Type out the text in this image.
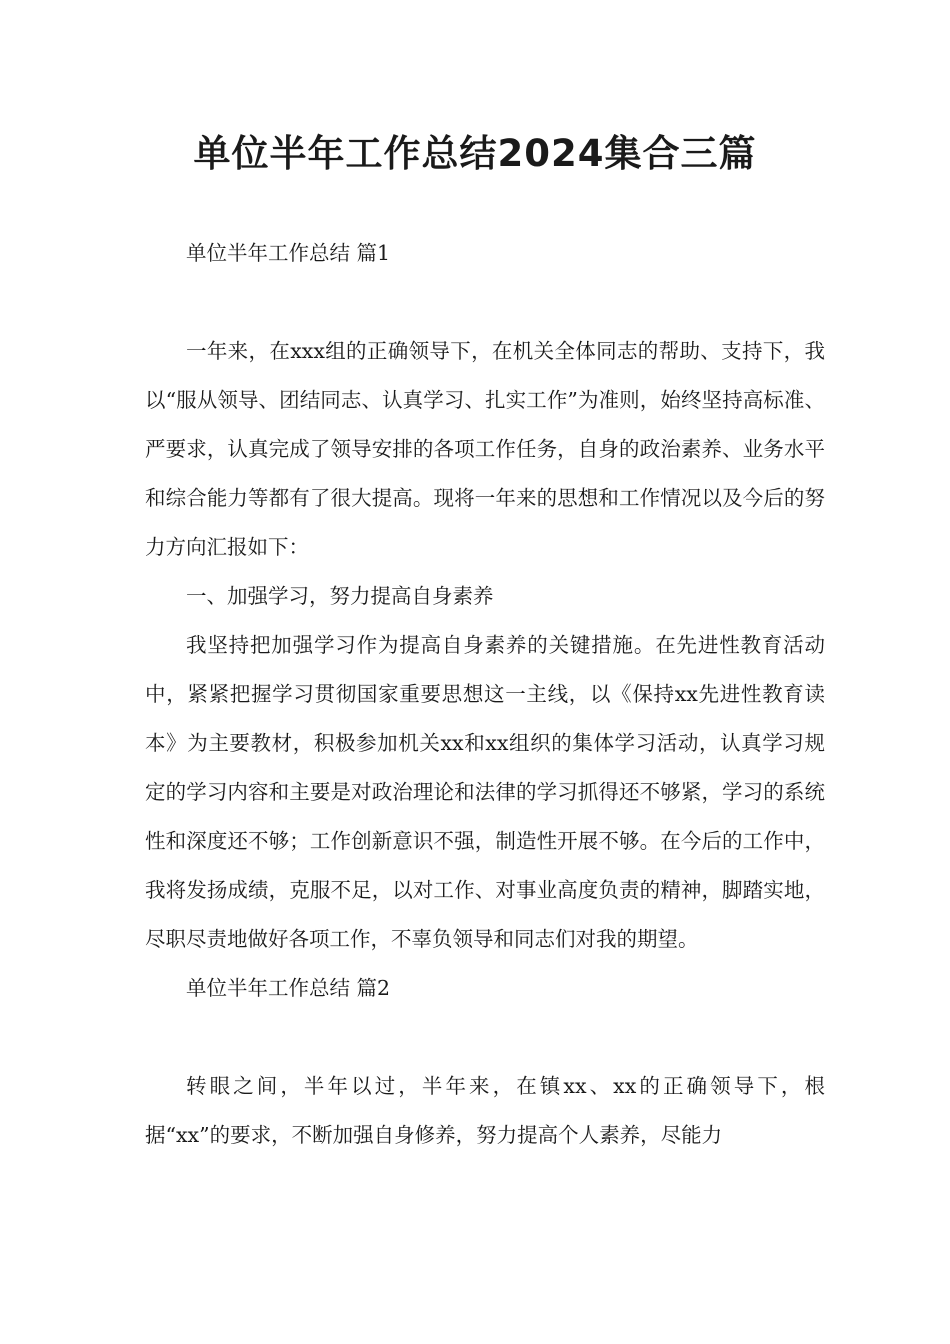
单位半年工作总结2024集合三篇

单位半年工作总结 篇1

一年来，在xxx组的正确领导下，在机关全体同志的帮助、支持下，我以“服从领导、团结同志、认真学习、扎实工作”为准则，始终坚持高标准、严要求，认真完成了领导安排的各项工作任务，自身的政治素养、业务水平和综合能力等都有了很大提高。现将一年来的思想和工作情况以及今后的努力方向汇报如下：

一、加强学习，努力提高自身素养

我坚持把加强学习作为提高自身素养的关键措施。在先进性教育活动中，紧紧把握学习贯彻国家重要思想这一主线，以《保持xx先进性教育读本》为主要教材，积极参加机关xx和xx组织的集体学习活动，认真学习规定的学习内容和主要是对政治理论和法律的学习抓得还不够紧，学习的系统性和深度还不够；工作创新意识不强，制造性开展不够。在今后的工作中，我将发扬成绩，克服不足，以对工作、对事业高度负责的精神，脚踏实地，尽职尽责地做好各项工作，不辜负领导和同志们对我的期望。

单位半年工作总结 篇2

转眼之间，半年以过，半年来，在镇xx、xx的正确领导下，根据“xx”的要求，不断加强自身修养，努力提高个人素养，尽能力
